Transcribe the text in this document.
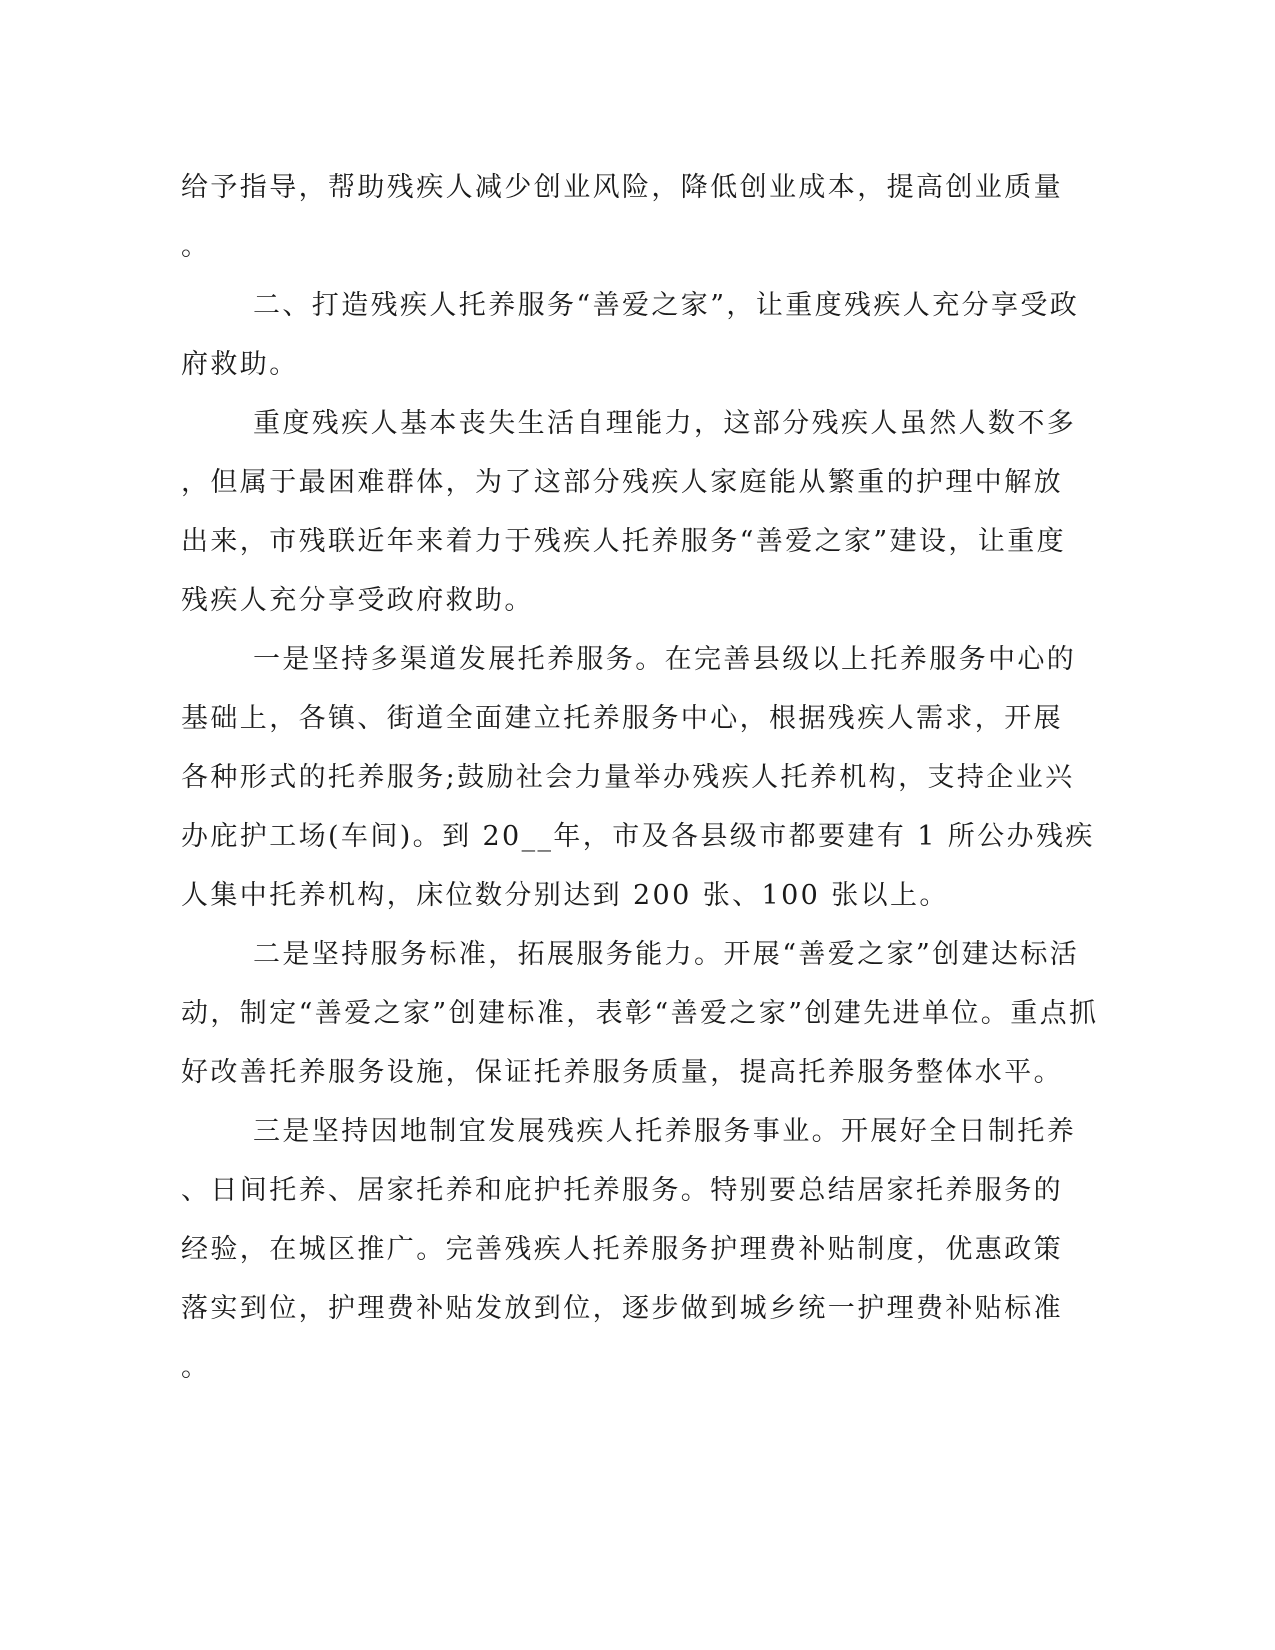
给予指导，帮助残疾人减少创业风险，降低创业成本，提高创业质量
。
二、打造残疾人托养服务“善爱之家”，让重度残疾人充分享受政
府救助。
重度残疾人基本丧失生活自理能力，这部分残疾人虽然人数不多
，但属于最困难群体，为了这部分残疾人家庭能从繁重的护理中解放
出来，市残联近年来着力于残疾人托养服务“善爱之家”建设，让重度
残疾人充分享受政府救助。
一是坚持多渠道发展托养服务。在完善县级以上托养服务中心的
基础上，各镇、街道全面建立托养服务中心，根据残疾人需求，开展
各种形式的托养服务;鼓励社会力量举办残疾人托养机构，支持企业兴
办庇护工场(车间)。到 20__年，市及各县级市都要建有 1 所公办残疾
人集中托养机构，床位数分别达到 200 张、100 张以上。
二是坚持服务标准，拓展服务能力。开展“善爱之家”创建达标活
动，制定“善爱之家”创建标准，表彰“善爱之家”创建先进单位。重点抓
好改善托养服务设施，保证托养服务质量，提高托养服务整体水平。
三是坚持因地制宜发展残疾人托养服务事业。开展好全日制托养
、日间托养、居家托养和庇护托养服务。特别要总结居家托养服务的
经验，在城区推广。完善残疾人托养服务护理费补贴制度，优惠政策
落实到位，护理费补贴发放到位，逐步做到城乡统一护理费补贴标准
。
